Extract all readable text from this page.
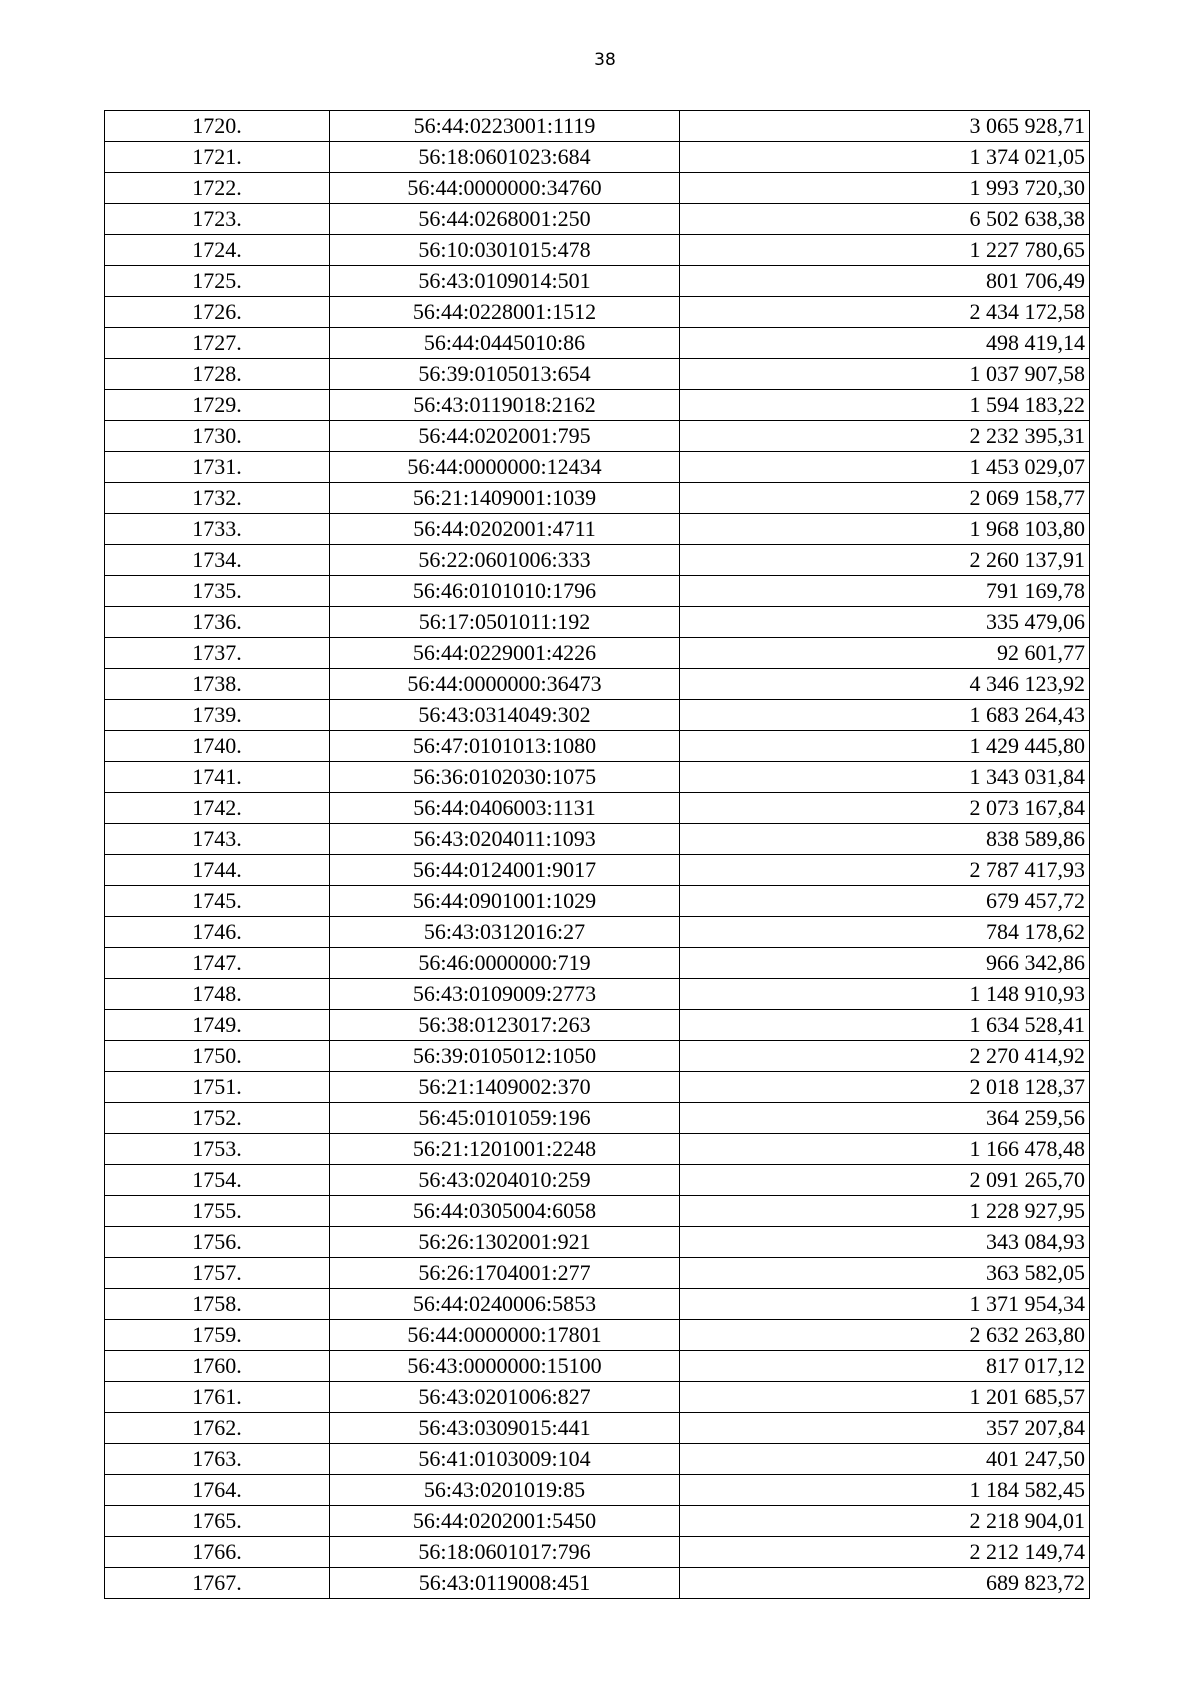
38
1720.	56:44:0223001:1119	3 065 928,71
1721.	56:18:0601023:684	1 374 021,05
1722.	56:44:0000000:34760	1 993 720,30
1723.	56:44:0268001:250	6 502 638,38
1724.	56:10:0301015:478	1 227 780,65
1725.	56:43:0109014:501	801 706,49
1726.	56:44:0228001:1512	2 434 172,58
1727.	56:44:0445010:86	498 419,14
1728.	56:39:0105013:654	1 037 907,58
1729.	56:43:0119018:2162	1 594 183,22
1730.	56:44:0202001:795	2 232 395,31
1731.	56:44:0000000:12434	1 453 029,07
1732.	56:21:1409001:1039	2 069 158,77
1733.	56:44:0202001:4711	1 968 103,80
1734.	56:22:0601006:333	2 260 137,91
1735.	56:46:0101010:1796	791 169,78
1736.	56:17:0501011:192	335 479,06
1737.	56:44:0229001:4226	92 601,77
1738.	56:44:0000000:36473	4 346 123,92
1739.	56:43:0314049:302	1 683 264,43
1740.	56:47:0101013:1080	1 429 445,80
1741.	56:36:0102030:1075	1 343 031,84
1742.	56:44:0406003:1131	2 073 167,84
1743.	56:43:0204011:1093	838 589,86
1744.	56:44:0124001:9017	2 787 417,93
1745.	56:44:0901001:1029	679 457,72
1746.	56:43:0312016:27	784 178,62
1747.	56:46:0000000:719	966 342,86
1748.	56:43:0109009:2773	1 148 910,93
1749.	56:38:0123017:263	1 634 528,41
1750.	56:39:0105012:1050	2 270 414,92
1751.	56:21:1409002:370	2 018 128,37
1752.	56:45:0101059:196	364 259,56
1753.	56:21:1201001:2248	1 166 478,48
1754.	56:43:0204010:259	2 091 265,70
1755.	56:44:0305004:6058	1 228 927,95
1756.	56:26:1302001:921	343 084,93
1757.	56:26:1704001:277	363 582,05
1758.	56:44:0240006:5853	1 371 954,34
1759.	56:44:0000000:17801	2 632 263,80
1760.	56:43:0000000:15100	817 017,12
1761.	56:43:0201006:827	1 201 685,57
1762.	56:43:0309015:441	357 207,84
1763.	56:41:0103009:104	401 247,50
1764.	56:43:0201019:85	1 184 582,45
1765.	56:44:0202001:5450	2 218 904,01
1766.	56:18:0601017:796	2 212 149,74
1767.	56:43:0119008:451	689 823,72
